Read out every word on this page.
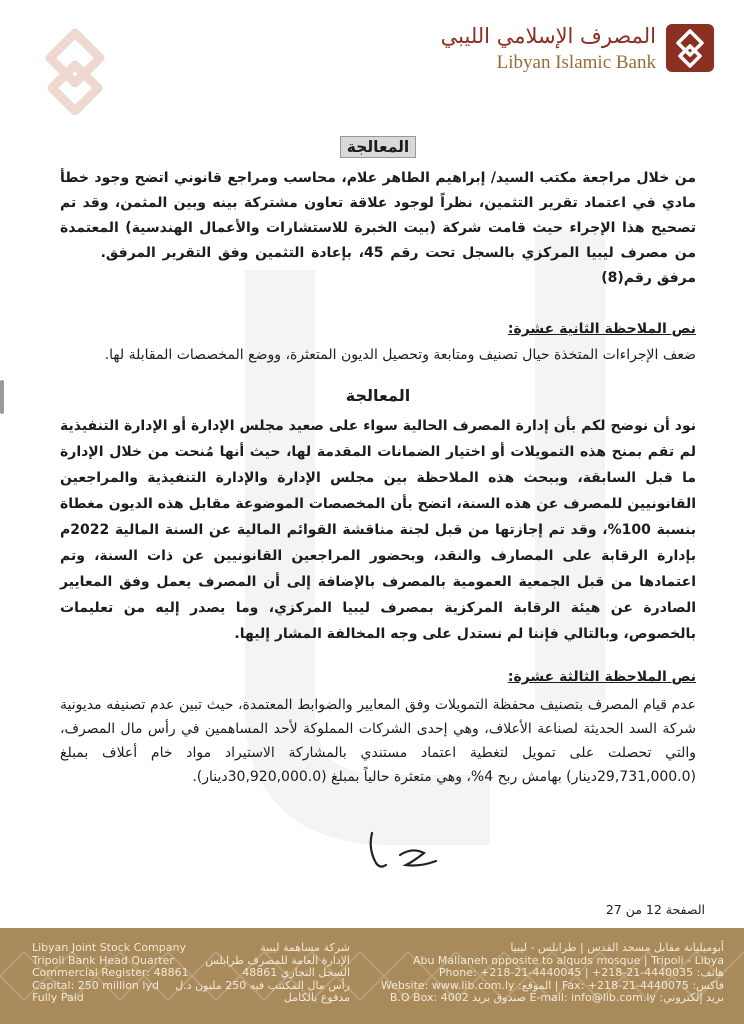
المصرف الإسلامي الليبي
Libyan Islamic Bank

المعالجة

من خلال مراجعة مكتب السيد/ إبراهيم الطاهر علام، محاسب ومراجع قانوني اتضح وجود خطأ مادي في اعتماد تقرير التثمين، نظراً لوجود علاقة تعاون مشتركة بينه وبين المثمن، وقد تم تصحيح هذا الإجراء حيث قامت شركة (بيت الخبرة للاستشارات والأعمال الهندسية) المعتمدة من مصرف ليبيا المركزي بالسجل تحت رقم 45، بإعادة التثمين وفق التقرير المرفق.       مرفق رقم(8)

نص الملاحظة الثانية عشرة:

ضعف الإجراءات المتخذة حيال تصنيف ومتابعة وتحصيل الديون المتعثرة، ووضع المخصصات المقابلة لها.

المعالجة

نود أن نوضح لكم بأن إدارة المصرف الحالية سواء على صعيد مجلس الإدارة أو الإدارة التنفيذية لم تقم بمنح هذه التمويلات أو اختيار الضمانات المقدمة لها، حيث أنها مُنحت من خلال الإدارة ما قبل السابقة، وببحث هذه الملاحظة بين مجلس الإدارة والإدارة التنفيذية والمراجعين القانونيين للمصرف عن هذه السنة، اتضح بأن المخصصات الموضوعة مقابل هذه الديون مغطاة بنسبة 100%، وقد تم إجازتها من قبل لجنة مناقشة القوائم المالية عن السنة المالية 2022م بإدارة الرقابة على المصارف والنقد، وبحضور المراجعين القانونيين عن ذات السنة، وتم اعتمادها من قبل الجمعية العمومية بالمصرف بالإضافة إلى أن المصرف يعمل وفق المعايير الصادرة عن هيئة الرقابة المركزية بمصرف ليبيا المركزي، وما يصدر إليه من تعليمات بالخصوص، وبالتالي فإننا لم نستدل على وجه المخالفة المشار إليها.

نص الملاحظة الثالثة عشرة:

عدم قيام المصرف بتصنيف محفظة التمويلات وفق المعايير والضوابط المعتمدة، حيث تبين عدم تصنيفه مديونية شركة السد الحديثة لصناعة الأعلاف، وهي إحدى الشركات المملوكة لأحد المساهمين في رأس مال المصرف، والتي تحصلت على تمويل لتغطية اعتماد مستندي بالمشاركة الاستيراد مواد خام أعلاف بمبلغ (29,731,000.0دينار) بهامش ربح 4%، وهي متعثرة حالياً بمبلغ (30,920,000.0دينار).

الصفحة 12 من 27
Libyan Joint Stock Company
Tripoli Bank Head Quarter
Commercial Register: 48861
Capital: 250 million lyd
Fully Paid
شركة مساهمة ليبية
الإدارة العامة للمصرف طرابلس
السجل التجاري 48861
رأس مال المكتتب فيه 250 مليون د.ل
مدفوع بالكامل
أبوميليانة مقابل مسجد القدس | طرابلس - ليبيا
Abu Malianeh opposite to alquds mosque | Tripoli - Libya
هاتف: Phone: +218-21-4440045 | +218-21-4440035
فاكس: Fax: +218-21-4440075 | الموقع: Website: www.lib.com.ly
بريد إلكتروني: E-mail: info@lib.com.ly صندوق بريد B.O Box: 4002
